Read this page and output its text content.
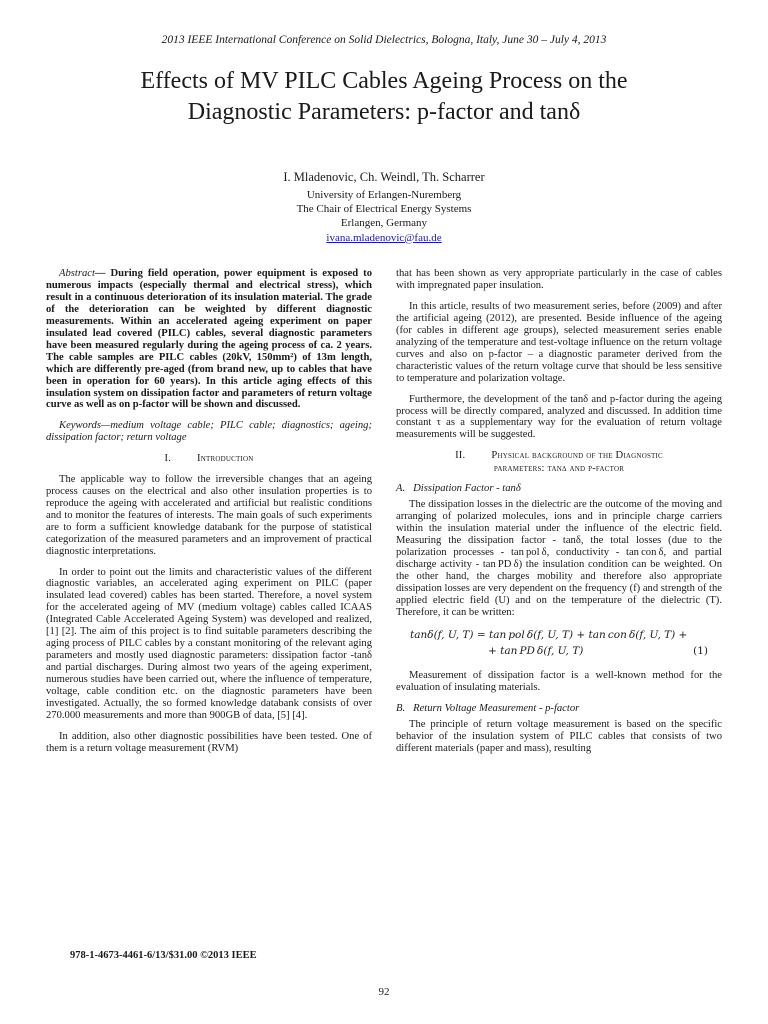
2013 IEEE International Conference on Solid Dielectrics, Bologna, Italy, June 30 – July 4, 2013
Effects of MV PILC Cables Ageing Process on the
Diagnostic Parameters: p-factor and tanδ
I. Mladenovic, Ch. Weindl, Th. Scharrer
University of Erlangen-Nuremberg
The Chair of Electrical Energy Systems
Erlangen, Germany
ivana.mladenovic@fau.de

Abstract— During field operation, power equipment is exposed to numerous impacts (especially thermal and electrical stress), which result in a continuous deterioration of its insulation material. The grade of the deterioration can be weighted by different diagnostic measurements. Within an accelerated ageing experiment on paper insulated lead covered (PILC) cables, several diagnostic parameters have been measured regularly during the ageing process of ca. 2 years. The cable samples are PILC cables (20kV, 150mm²) of 13m length, which are differently pre-aged (from brand new, up to cables that have been in operation for 60 years). In this article aging effects of this insulation system on dissipation factor and parameters of return voltage curve as well as on p-factor will be shown and discussed.

Keywords—medium voltage cable; PILC cable; diagnostics; ageing; dissipation factor; return voltage

I. Introduction

The applicable way to follow the irreversible changes that an ageing process causes on the electrical and also other insulation properties is to reproduce the ageing with accelerated and artificial but realistic conditions and to monitor the features of interests. The main goals of such experiments are to form a sufficient knowledge databank for the purpose of statistical categorization of the measured parameters and an improvement of practical diagnostic interpretations.

In order to point out the limits and characteristic values of the different diagnostic variables, an accelerated aging experiment on PILC (paper insulated lead covered) cables has been started. Therefore, a novel system for the accelerated ageing of MV (medium voltage) cables called ICAAS (Integrated Cable Accelerated Ageing System) was developed and realized, [1] [2]. The aim of this project is to find suitable parameters describing the aging process of PILC cables by a constant monitoring of the relevant aging parameters and mostly used diagnostic parameters: dissipation factor -tanδ and partial discharges. During almost two years of the ageing experiment, numerous studies have been carried out, where the influence of temperature, voltage, cable condition etc. on the diagnostic parameters have been investigated. Actually, the so formed knowledge databank consists of over 270.000 measurements and more than 900GB of data, [5] [4].

In addition, also other diagnostic possibilities have been tested. One of them is a return voltage measurement (RVM)

that has been shown as very appropriate particularly in the case of cables with impregnated paper insulation.

In this article, results of two measurement series, before (2009) and after the artificial ageing (2012), are presented. Beside influence of the ageing (for cables in different age groups), selected measurement series enable analyzing of the temperature and test-voltage influence on the return voltage curves and also on p-factor – a diagnostic parameter derived from the characteristic values of the return voltage curve that should be less sensitive to temperature and polarization voltage.

Furthermore, the development of the tanδ and p-factor during the ageing process will be directly compared, analyzed and discussed. In addition time constant τ as a supplementary way for the evaluation of return voltage measurements will be suggested.

II. Physical background of the Diagnostic
parameters: tanδ and p-factor
A. Dissipation Factor - tanδ

The dissipation losses in the dielectric are the outcome of the moving and arranging of polarized molecules, ions and in principle charge carriers within the insulation material under the influence of the electric field. Measuring the dissipation factor - tanδ, the total losses (due to the polarization processes - tan pol δ, conductivity - tan con δ, and partial discharge activity - tan PD δ) the insulation condition can be weighted. On the other hand, the charges mobility and therefore also appropriate dissipation losses are very dependent on the frequency (f) and strength of the applied electric field (U) and on the temperature of the dielectric (T). Therefore, it can be written:

tanδ(f, U, T) = tan pol δ(f, U, T) + tan con δ(f, U, T) +
+ tan PD δ(f, U, T)	(1)

Measurement of dissipation factor is a well-known method for the evaluation of insulating materials.

B. Return Voltage Measurement - p-factor

The principle of return voltage measurement is based on the specific behavior of the insulation system of PILC cables that consists of two different materials (paper and mass), resulting

978-1-4673-4461-6/13/$31.00 ©2013 IEEE
92
